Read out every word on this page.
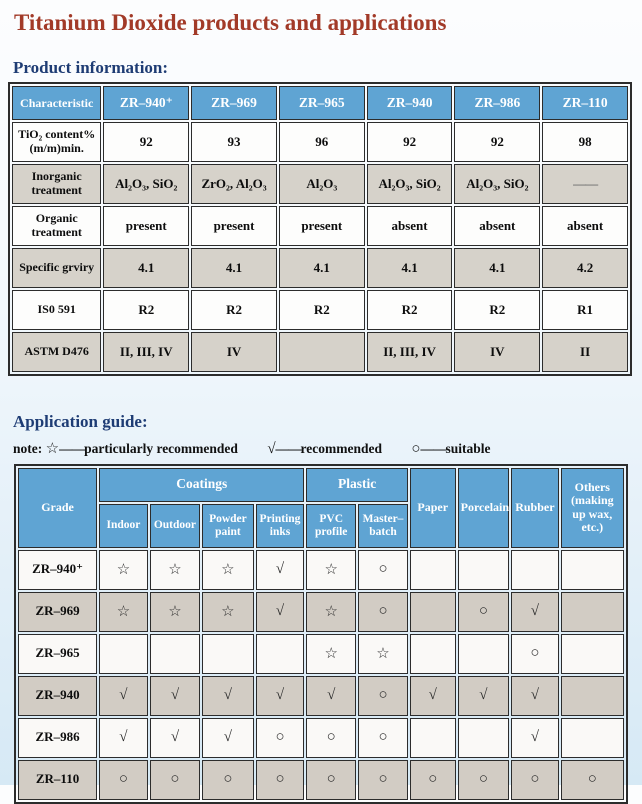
Titanium Dioxide products and applications
Product information:
Characteristic	ZR–940⁺	ZR–969	ZR–965	ZR–940	ZR–986	ZR–110
TiO₂ content% (m/m)min.	92	93	96	92	92	98
Inorganic treatment	Al₂O₃, SiO₂	ZrO₂, Al₂O₃	Al₂O₃	Al₂O₃, SiO₂	Al₂O₃, SiO₂	——
Organic treatment	present	present	present	absent	absent	absent
Specific grviry	4.1	4.1	4.1	4.1	4.1	4.2
IS0 591	R2	R2	R2	R2	R2	R1
ASTM D476	II, III, IV	IV		II, III, IV	IV	II
Application guide:
note: ☆——particularly recommended √——recommended ○——suitable
Grade	Coatings				Plastic		Paper	Porcelain	Rubber	Others (making up wax, etc.)
	Indoor	Outdoor	Powder paint	Printing inks	PVC profile	Master–batch				
ZR–940⁺	☆	☆	☆	√	☆	○				
ZR–969	☆	☆	☆	√	☆	○		○	√	
ZR–965					☆	☆			○	
ZR–940	√	√	√	√	√	○	√	√	√	
ZR–986	√	√	√	○	○	○			√	
ZR–110	○	○	○	○	○	○	○	○	○	○
